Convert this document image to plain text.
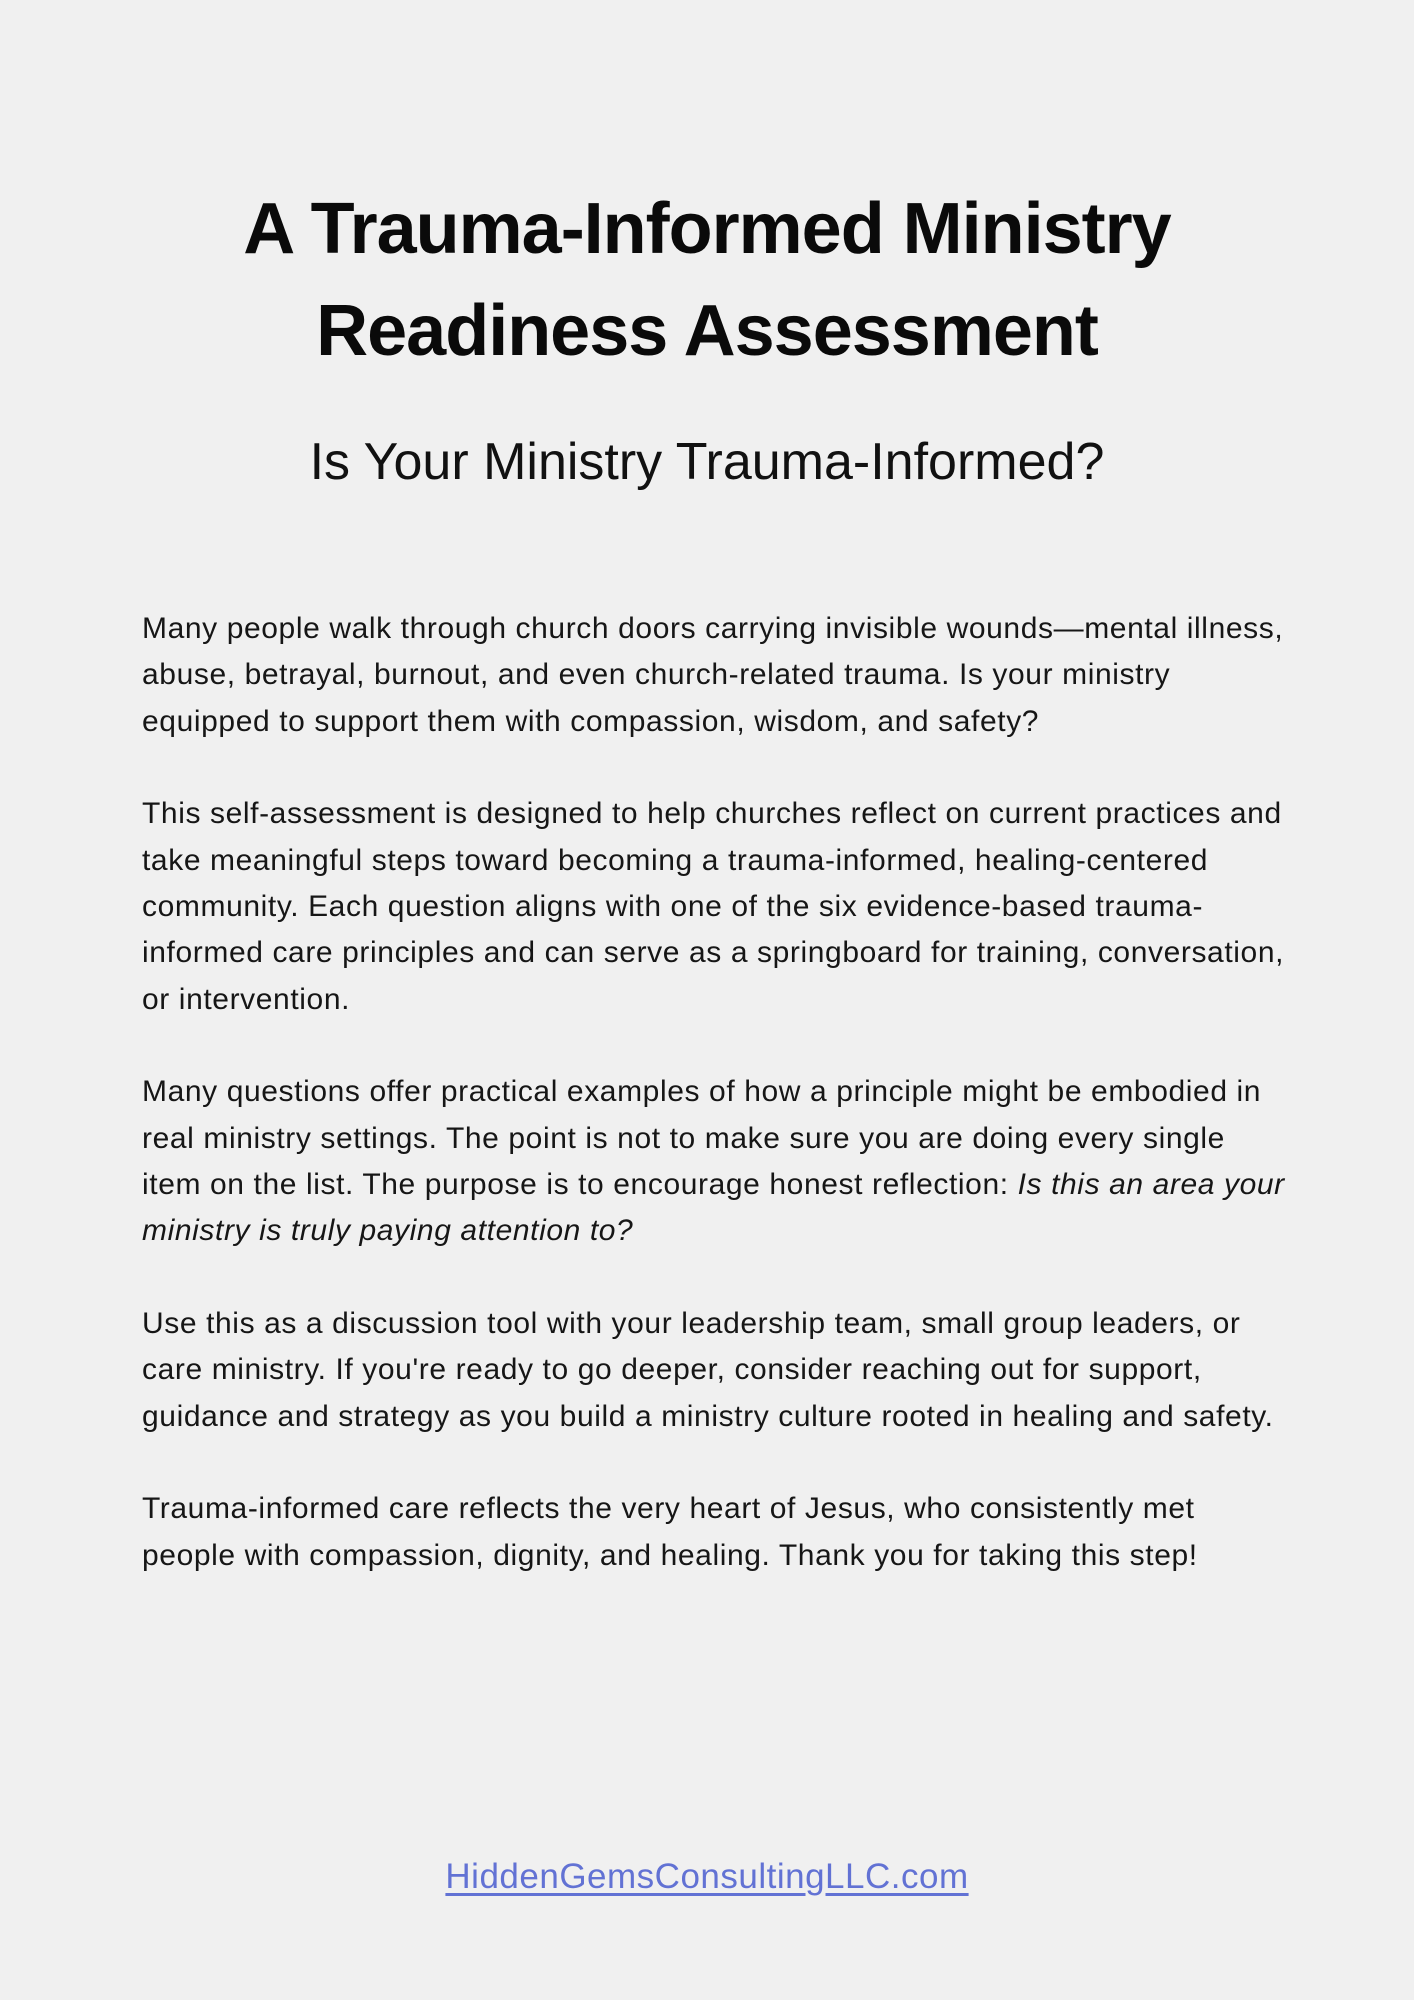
A Trauma-Informed Ministry
Readiness Assessment
Is Your Ministry Trauma-Informed?

Many people walk through church doors carrying invisible wounds—mental illness, abuse, betrayal, burnout, and even church-related trauma. Is your ministry equipped to support them with compassion, wisdom, and safety?

This self-assessment is designed to help churches reflect on current practices and take meaningful steps toward becoming a trauma-informed, healing-centered community. Each question aligns with one of the six evidence-based trauma-informed care principles and can serve as a springboard for training, conversation, or intervention.

Many questions offer practical examples of how a principle might be embodied in real ministry settings. The point is not to make sure you are doing every single item on the list. The purpose is to encourage honest reflection: Is this an area your ministry is truly paying attention to?

Use this as a discussion tool with your leadership team, small group leaders, or care ministry. If you're ready to go deeper, consider reaching out for support, guidance and strategy as you build a ministry culture rooted in healing and safety.

Trauma-informed care reflects the very heart of Jesus, who consistently met people with compassion, dignity, and healing. Thank you for taking this step!

HiddenGemsConsultingLLC.com
